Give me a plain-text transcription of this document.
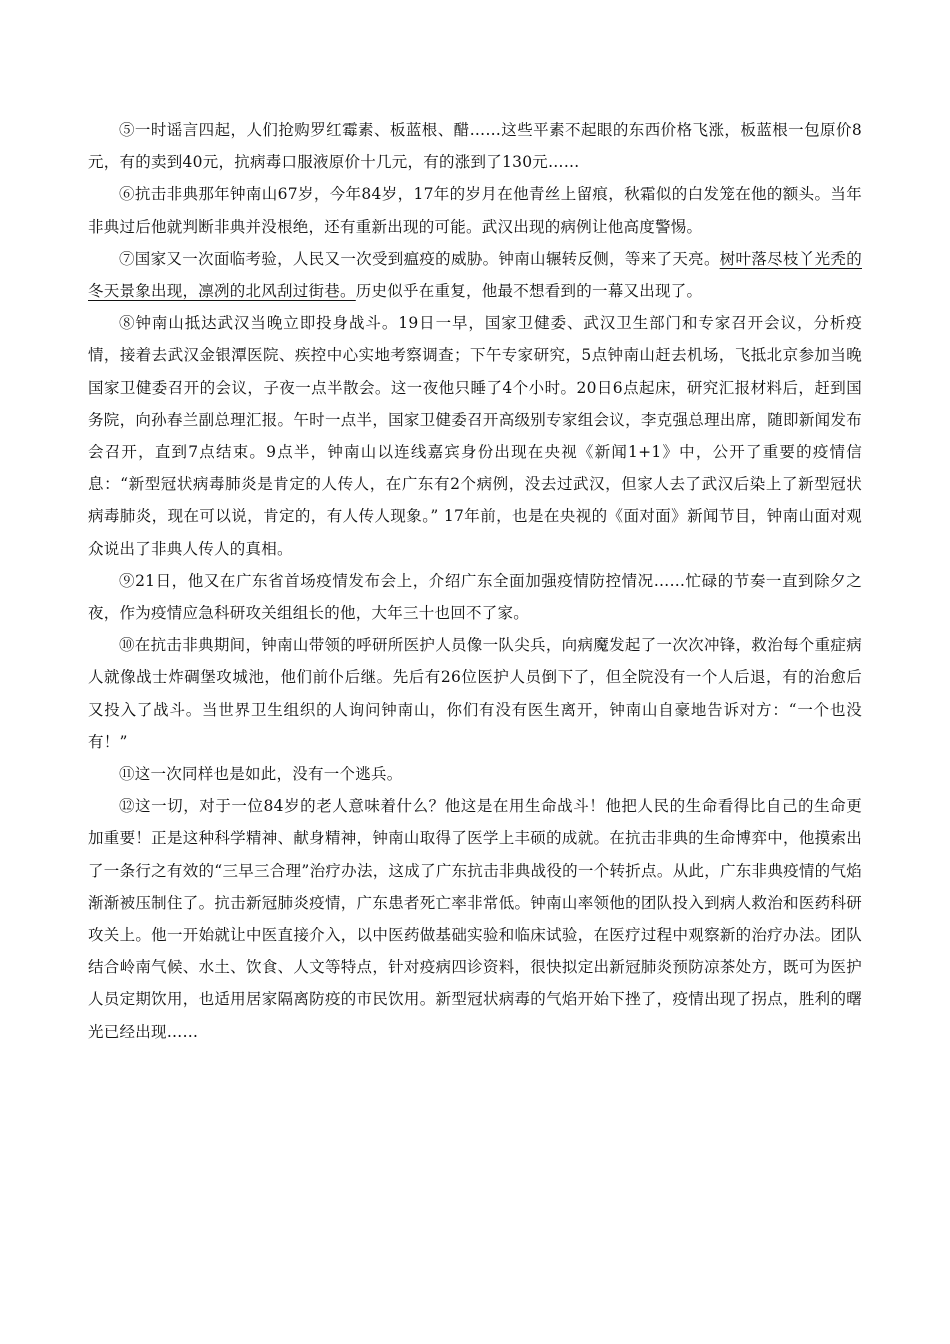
⑤一时谣言四起，人们抢购罗红霉素、板蓝根、醋……这些平素不起眼的东西价格飞涨，板蓝根一包原价8元，有的卖到40元，抗病毒口服液原价十几元，有的涨到了130元……

⑥抗击非典那年钟南山67岁，今年84岁，17年的岁月在他青丝上留痕，秋霜似的白发笼在他的额头。当年非典过后他就判断非典并没根绝，还有重新出现的可能。武汉出现的病例让他高度警惕。

⑦国家又一次面临考验，人民又一次受到瘟疫的威胁。钟南山辗转反侧，等来了天亮。树叶落尽枝丫光秃的冬天景象出现，凛冽的北风刮过街巷。历史似乎在重复，他最不想看到的一幕又出现了。

⑧钟南山抵达武汉当晚立即投身战斗。19日一早，国家卫健委、武汉卫生部门和专家召开会议，分析疫情，接着去武汉金银潭医院、疾控中心实地考察调查；下午专家研究，5点钟南山赶去机场，飞抵北京参加当晚国家卫健委召开的会议，子夜一点半散会。这一夜他只睡了4个小时。20日6点起床，研究汇报材料后，赶到国务院，向孙春兰副总理汇报。午时一点半，国家卫健委召开高级别专家组会议，李克强总理出席，随即新闻发布会召开，直到7点结束。9点半，钟南山以连线嘉宾身份出现在央视《新闻1+1》中，公开了重要的疫情信息：“新型冠状病毒肺炎是肯定的人传人，在广东有2个病例，没去过武汉，但家人去了武汉后染上了新型冠状病毒肺炎，现在可以说，肯定的，有人传人现象。” 17年前，也是在央视的《面对面》新闻节目，钟南山面对观众说出了非典人传人的真相。

⑨21日，他又在广东省首场疫情发布会上，介绍广东全面加强疫情防控情况……忙碌的节奏一直到除夕之夜，作为疫情应急科研攻关组组长的他，大年三十也回不了家。

⑩在抗击非典期间，钟南山带领的呼研所医护人员像一队尖兵，向病魔发起了一次次冲锋，救治每个重症病人就像战士炸碉堡攻城池，他们前仆后继。先后有26位医护人员倒下了，但全院没有一个人后退，有的治愈后又投入了战斗。当世界卫生组织的人询问钟南山，你们有没有医生离开，钟南山自豪地告诉对方：“一个也没有！”

⑪这一次同样也是如此，没有一个逃兵。

⑫这一切，对于一位84岁的老人意味着什么？他这是在用生命战斗！他把人民的生命看得比自己的生命更加重要！正是这种科学精神、献身精神，钟南山取得了医学上丰硕的成就。在抗击非典的生命博弈中，他摸索出了一条行之有效的“三早三合理”治疗办法，这成了广东抗击非典战役的一个转折点。从此，广东非典疫情的气焰渐渐被压制住了。抗击新冠肺炎疫情，广东患者死亡率非常低。钟南山率领他的团队投入到病人救治和医药科研攻关上。他一开始就让中医直接介入，以中医药做基础实验和临床试验，在医疗过程中观察新的治疗办法。团队结合岭南气候、水土、饮食、人文等特点，针对疫病四诊资料，很快拟定出新冠肺炎预防凉茶处方，既可为医护人员定期饮用，也适用居家隔离防疫的市民饮用。新型冠状病毒的气焰开始下挫了，疫情出现了拐点，胜利的曙光已经出现……
